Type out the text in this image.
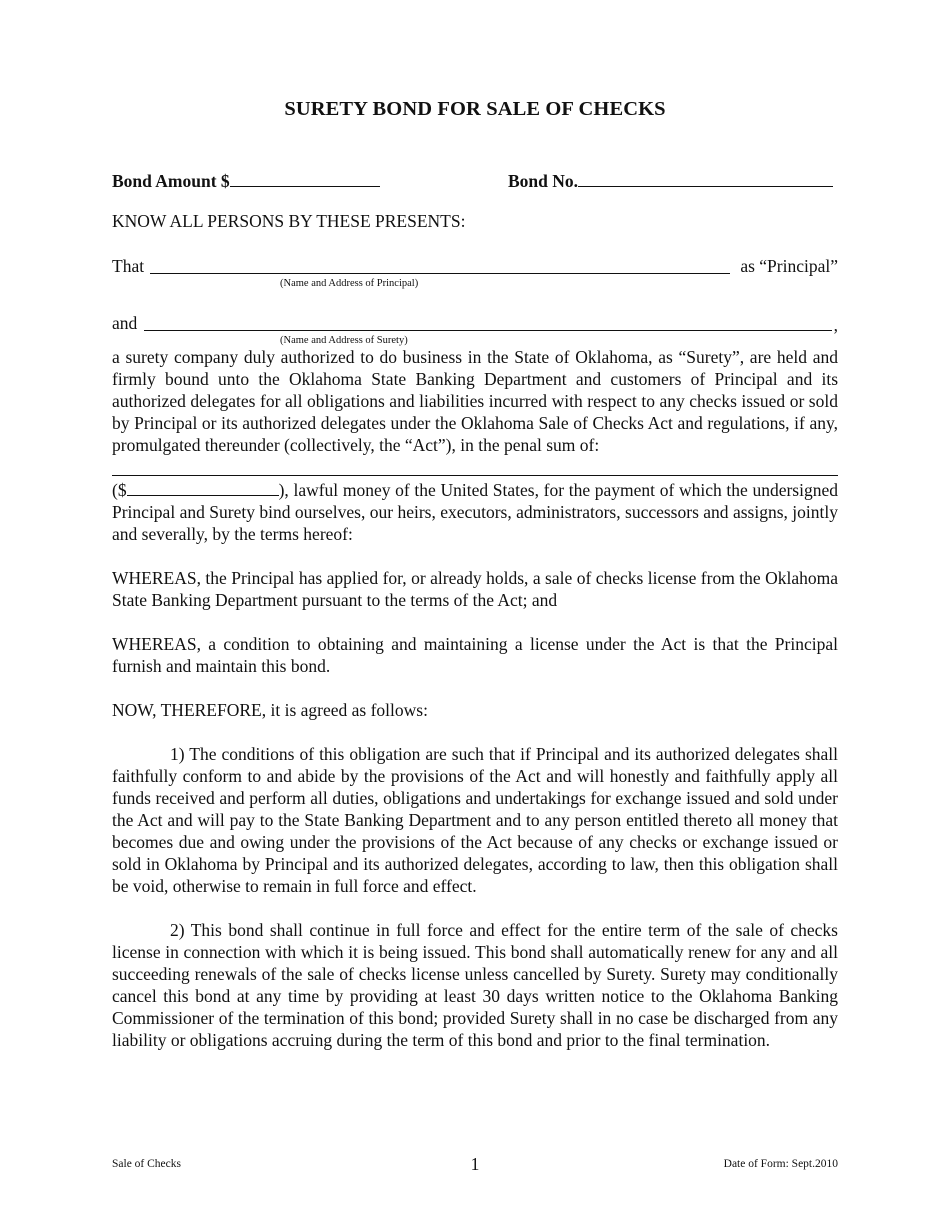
SURETY BOND FOR SALE OF CHECKS
Bond Amount $	Bond No.
KNOW ALL PERSONS BY THESE PRESENTS:
That
(Name and Address of Principal)
as “Principal”
and	,
(Name and Address of Surety)

a surety company duly authorized to do business in the State of Oklahoma, as “Surety”, are held and firmly bound unto the Oklahoma State Banking Department and customers of Principal and its authorized delegates for all obligations and liabilities incurred with respect to any checks issued or sold by Principal or its authorized delegates under the Oklahoma Sale of Checks Act and regulations, if any, promulgated thereunder (collectively, the “Act”), in the penal sum of:

($	), lawful money of the United States, for the payment of which the undersigned Principal and Surety bind ourselves, our heirs, executors, administrators, successors and assigns, jointly and severally, by the terms hereof:

WHEREAS, the Principal has applied for, or already holds, a sale of checks license from the Oklahoma State Banking Department pursuant to the terms of the Act; and

WHEREAS, a condition to obtaining and maintaining a license under the Act is that the Principal furnish and maintain this bond.

NOW, THEREFORE, it is agreed as follows:

1) The conditions of this obligation are such that if Principal and its authorized delegates shall faithfully conform to and abide by the provisions of the Act and will honestly and faithfully apply all funds received and perform all duties, obligations and undertakings for exchange issued and sold under the Act and will pay to the State Banking Department and to any person entitled thereto all money that becomes due and owing under the provisions of the Act because of any checks or exchange issued or sold in Oklahoma by Principal and its authorized delegates, according to law, then this obligation shall be void, otherwise to remain in full force and effect.

2) This bond shall continue in full force and effect for the entire term of the sale of checks license in connection with which it is being issued. This bond shall automatically renew for any and all succeeding renewals of the sale of checks license unless cancelled by Surety. Surety may conditionally cancel this bond at any time by providing at least 30 days written notice to the Oklahoma Banking Commissioner of the termination of this bond; provided Surety shall in no case be discharged from any liability or obligations accruing during the term of this bond and prior to the final termination.

Sale of Checks	1	Date of Form: Sept.2010
